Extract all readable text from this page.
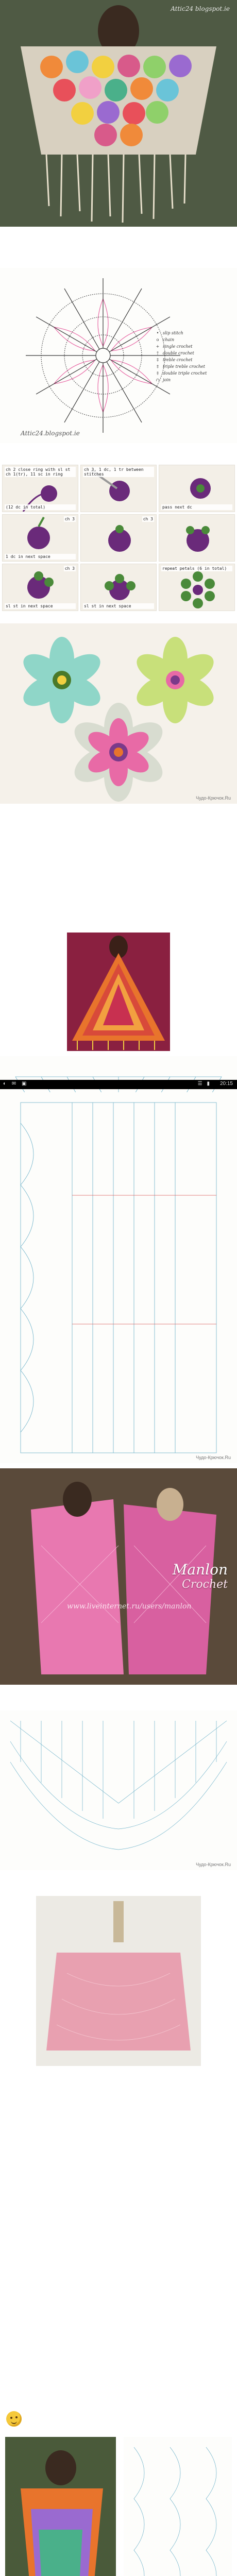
Attic24 blogspot.ie
Attic24.blogspot.ie
• slip stitch
o chain
+ single crochet
†	double crochet
‡	treble crochet
‡	triple treble crochet
‡	double triple crochet
∩ join
ch 2 close ring with sl st ch 1(tr), 11 sc in ring
(12 dc in total)
ch 3, 1 dc, 1 tr between stitches
pass next dc
1 dc in next space
ch 3	ch 3
sl st in next space
ch 3
sl st in next space
repeat petals (6 in total)
Чудо-Крючок.Ru
◐ ✉ ▣	☰ ▮ 20:15
Чудо-Крючок.Ru
www.liveinternet.ru/users/manlon
Manlon
Crochet
Чудо-Крючок.Ru
